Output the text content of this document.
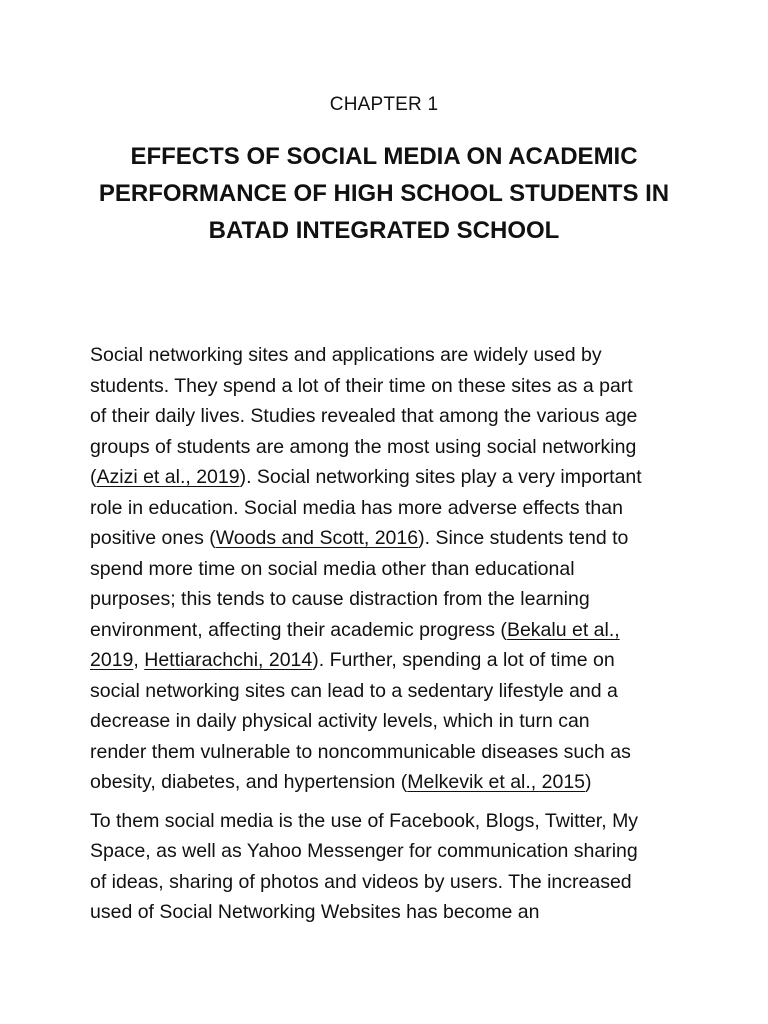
CHAPTER 1
EFFECTS OF SOCIAL MEDIA ON ACADEMIC
PERFORMANCE OF HIGH SCHOOL STUDENTS IN
BATAD INTEGRATED SCHOOL
Social networking sites and applications are widely used by
students. They spend a lot of their time on these sites as a part
of their daily lives. Studies revealed that among the various age
groups of students are among the most using social networking
(Azizi et al., 2019). Social networking sites play a very important
role in education. Social media has more adverse effects than
positive ones (Woods and Scott, 2016). Since students tend to
spend more time on social media other than educational
purposes; this tends to cause distraction from the learning
environment, affecting their academic progress (Bekalu et al.,
2019, Hettiarachchi, 2014). Further, spending a lot of time on
social networking sites can lead to a sedentary lifestyle and a
decrease in daily physical activity levels, which in turn can
render them vulnerable to noncommunicable diseases such as
obesity, diabetes, and hypertension (Melkevik et al., 2015)
To them social media is the use of Facebook, Blogs, Twitter, My
Space, as well as Yahoo Messenger for communication sharing
of ideas, sharing of photos and videos by users. The increased
used of Social Networking Websites has become an
